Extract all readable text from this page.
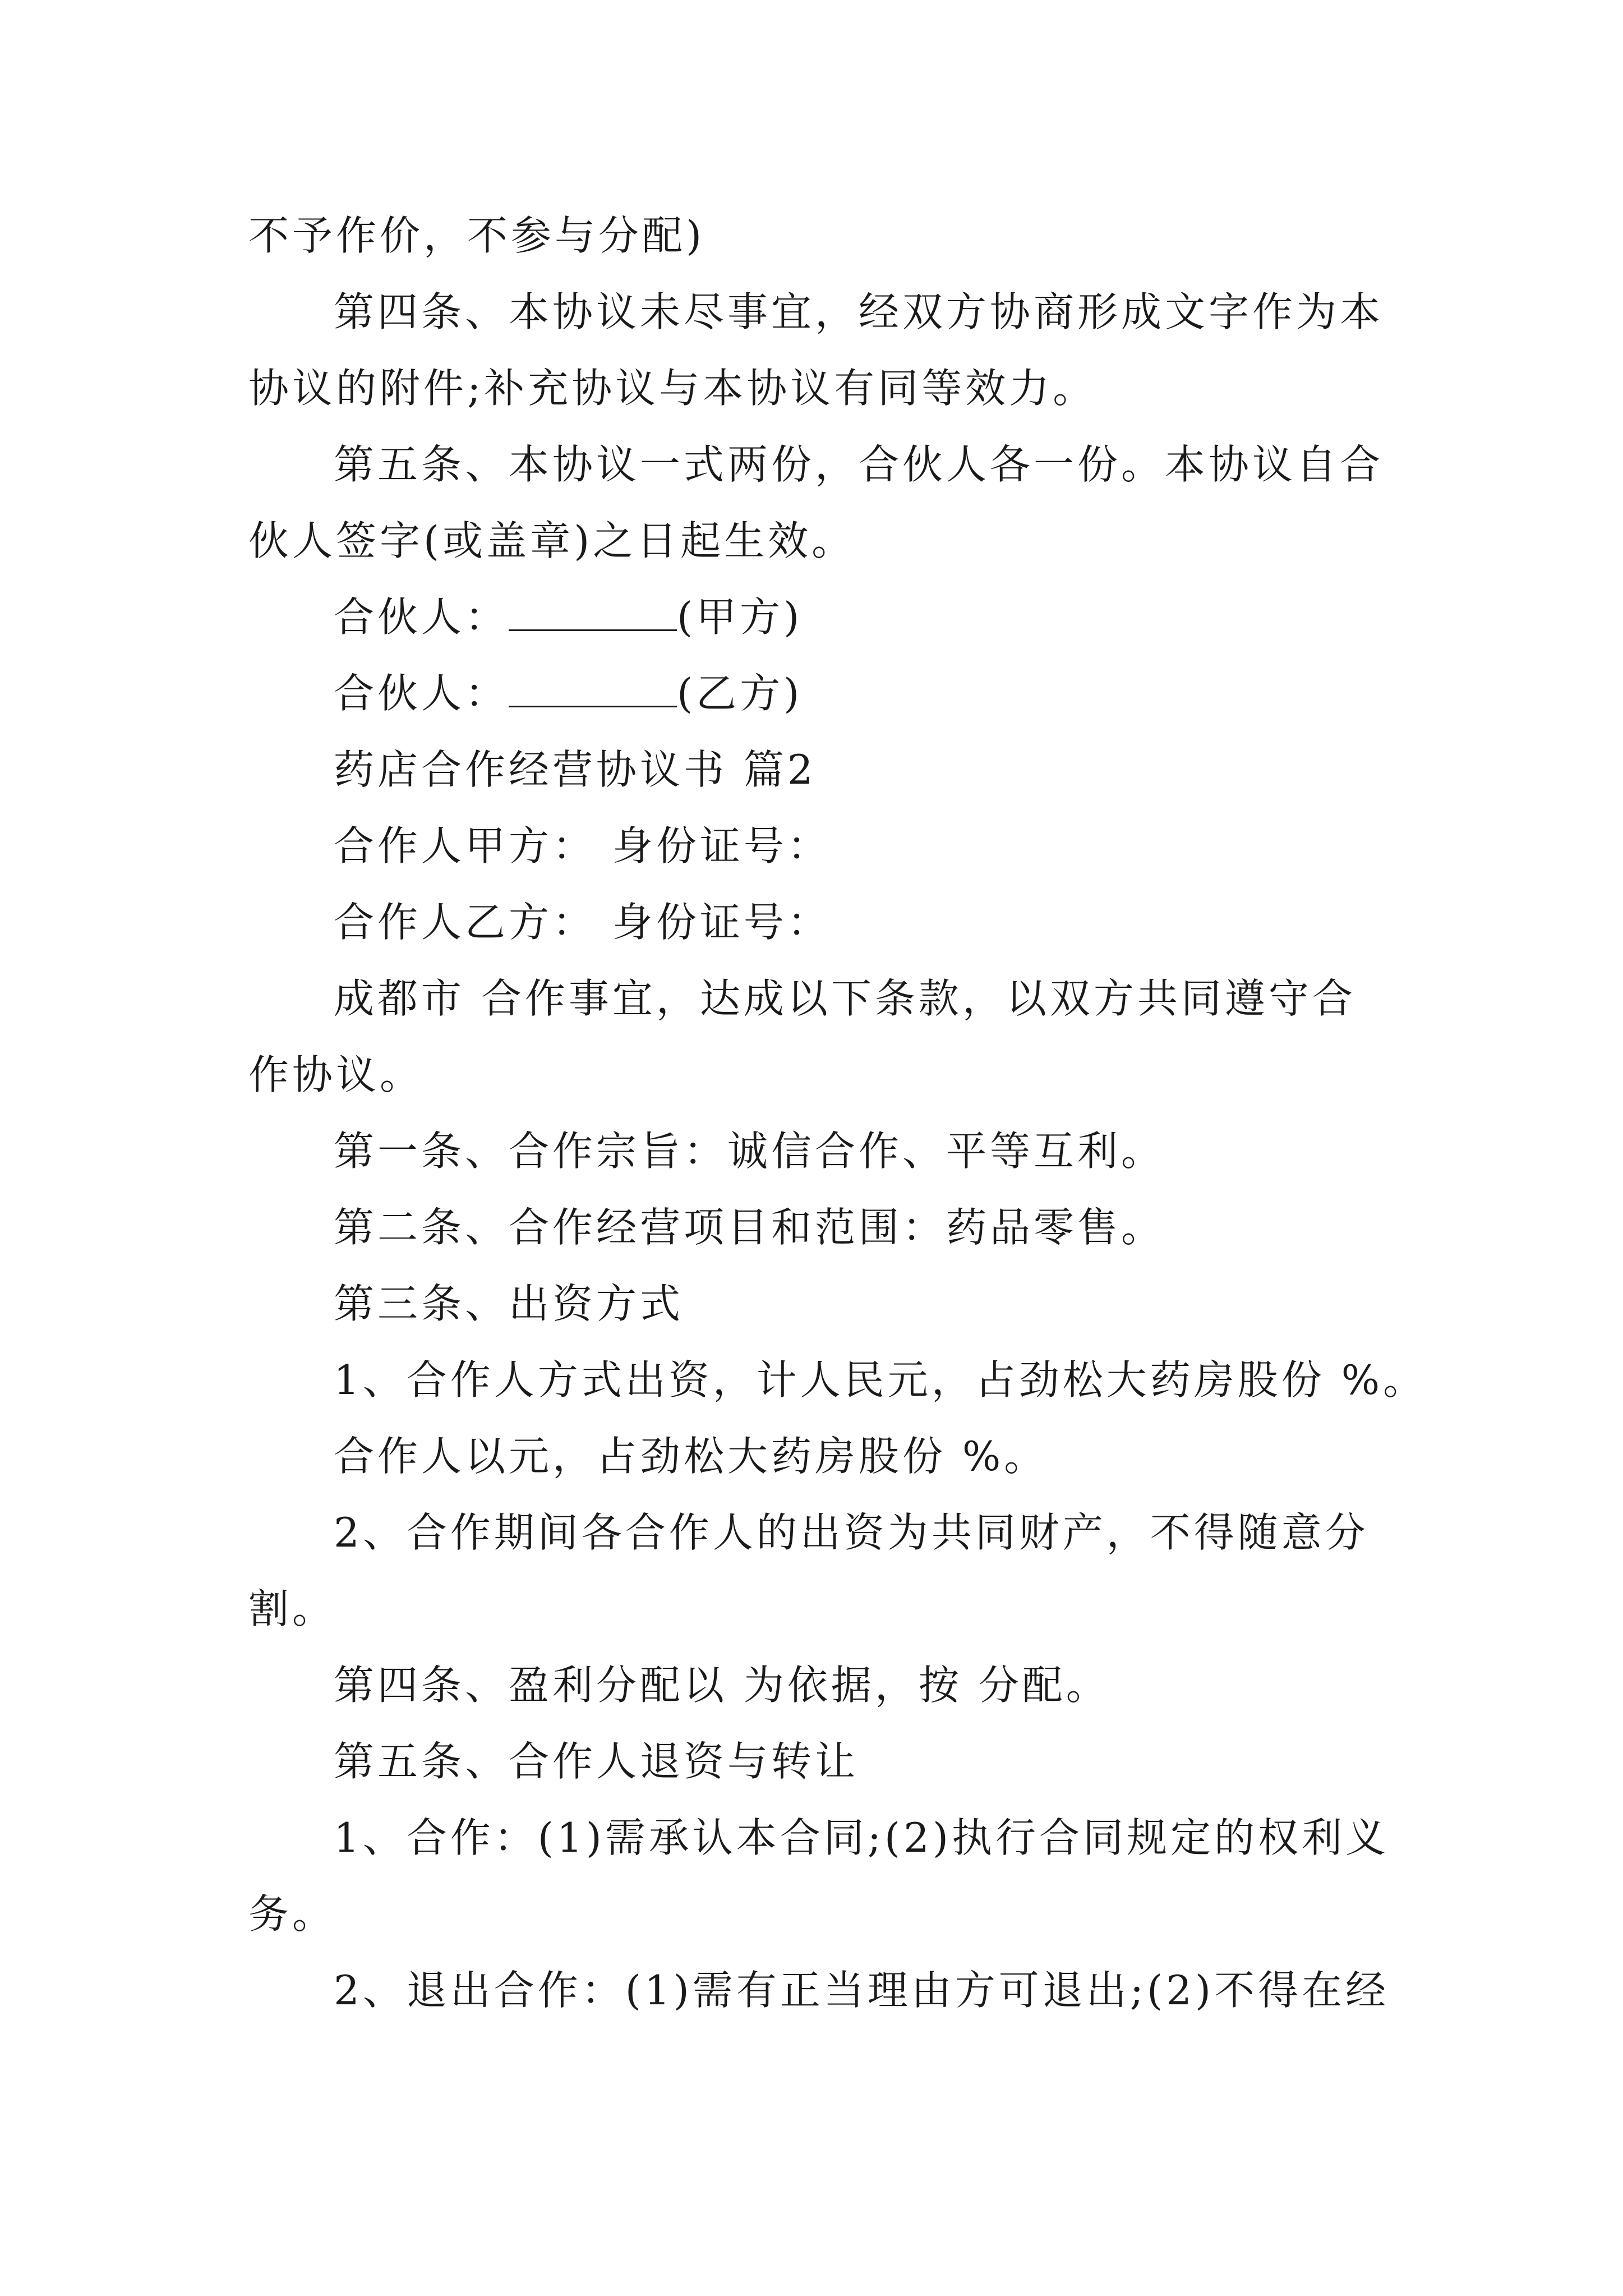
不予作价，不参与分配)
第四条、本协议未尽事宜，经双方协商形成文字作为本
协议的附件;补充协议与本协议有同等效力。
第五条、本协议一式两份，合伙人各一份。本协议自合
伙人签字(或盖章)之日起生效。
合伙人：	(甲方)
合伙人：	(乙方)
药店合作经营协议书 篇2
合作人甲方： 身份证号：
合作人乙方： 身份证号：
成都市 合作事宜，达成以下条款，以双方共同遵守合
作协议。
第一条、合作宗旨：诚信合作、平等互利。
第二条、合作经营项目和范围：药品零售。
第三条、出资方式
1、合作人方式出资，计人民元，占劲松大药房股份 %。
合作人以元，占劲松大药房股份 %。
2、合作期间各合作人的出资为共同财产，不得随意分
割。
第四条、盈利分配以 为依据，按 分配。
第五条、合作人退资与转让
1、合作：(1)需承认本合同;(2)执行合同规定的权利义
务。
2、退出合作：(1)需有正当理由方可退出;(2)不得在经
